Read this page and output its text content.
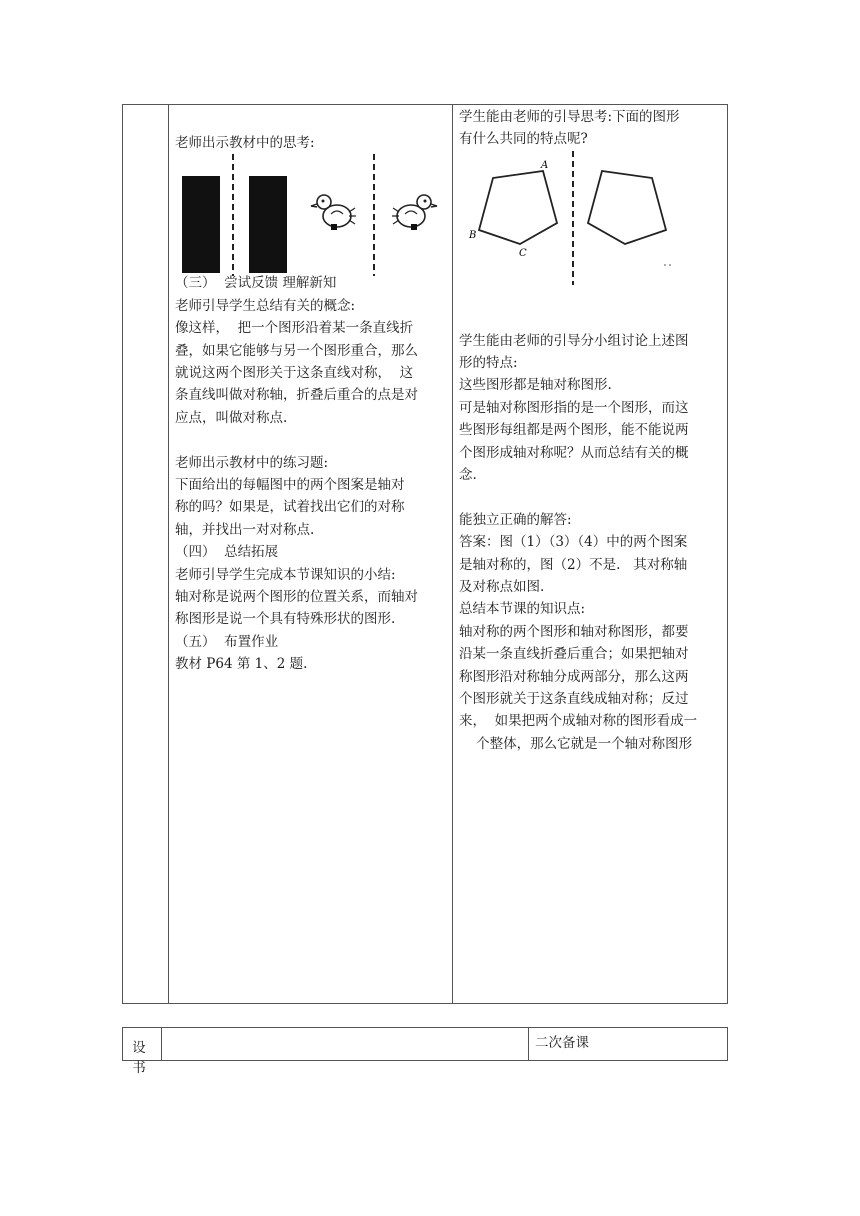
老师出示教材中的思考:

（三）  尝试反馈 理解新知

老师引导学生总结有关的概念:

像这样，  把一个图形沿着某一条直线折

叠，如果它能够与另一个图形重合，那么

就说这两个图形关于这条直线对称，  这

条直线叫做对称轴，折叠后重合的点是对

应点，叫做对称点.

老师出示教材中的练习题:

下面给出的每幅图中的两个图案是轴对

称的吗？如果是，试着找出它们的对称

轴，并找出一对对称点.

（四）  总结拓展

老师引导学生完成本节课知识的小结:

轴对称是说两个图形的位置关系，而轴对

称图形是说一个具有特殊形状的图形.

（五）  布置作业

教材 Р64 第 1、2 题.

学生能由老师的引导思考:下面的图形

有什么共同的特点呢?

A
B
C

学生能由老师的引导分小组讨论上述图

形的特点:

这些图形都是轴对称图形.

可是轴对称图形指的是一个图形，而这

些图形每组都是两个图形，能不能说两

个图形成轴对称呢？从而总结有关的概

念.

能独立正确的解答:

答案：图（1）（3）（4）中的两个图案

是轴对称的，图（2）不是.   其对称轴

及对称点如图.

总结本节课的知识点:

轴对称的两个图形和轴对称图形，都要

沿某一条直线折叠后重合；如果把轴对

称图形沿对称轴分成两部分，那么这两

个图形就关于这条直线成轴对称；反过

来，  如果把两个成轴对称的图形看成一

个整体，那么它就是一个轴对称图形

设 书
二次备课
